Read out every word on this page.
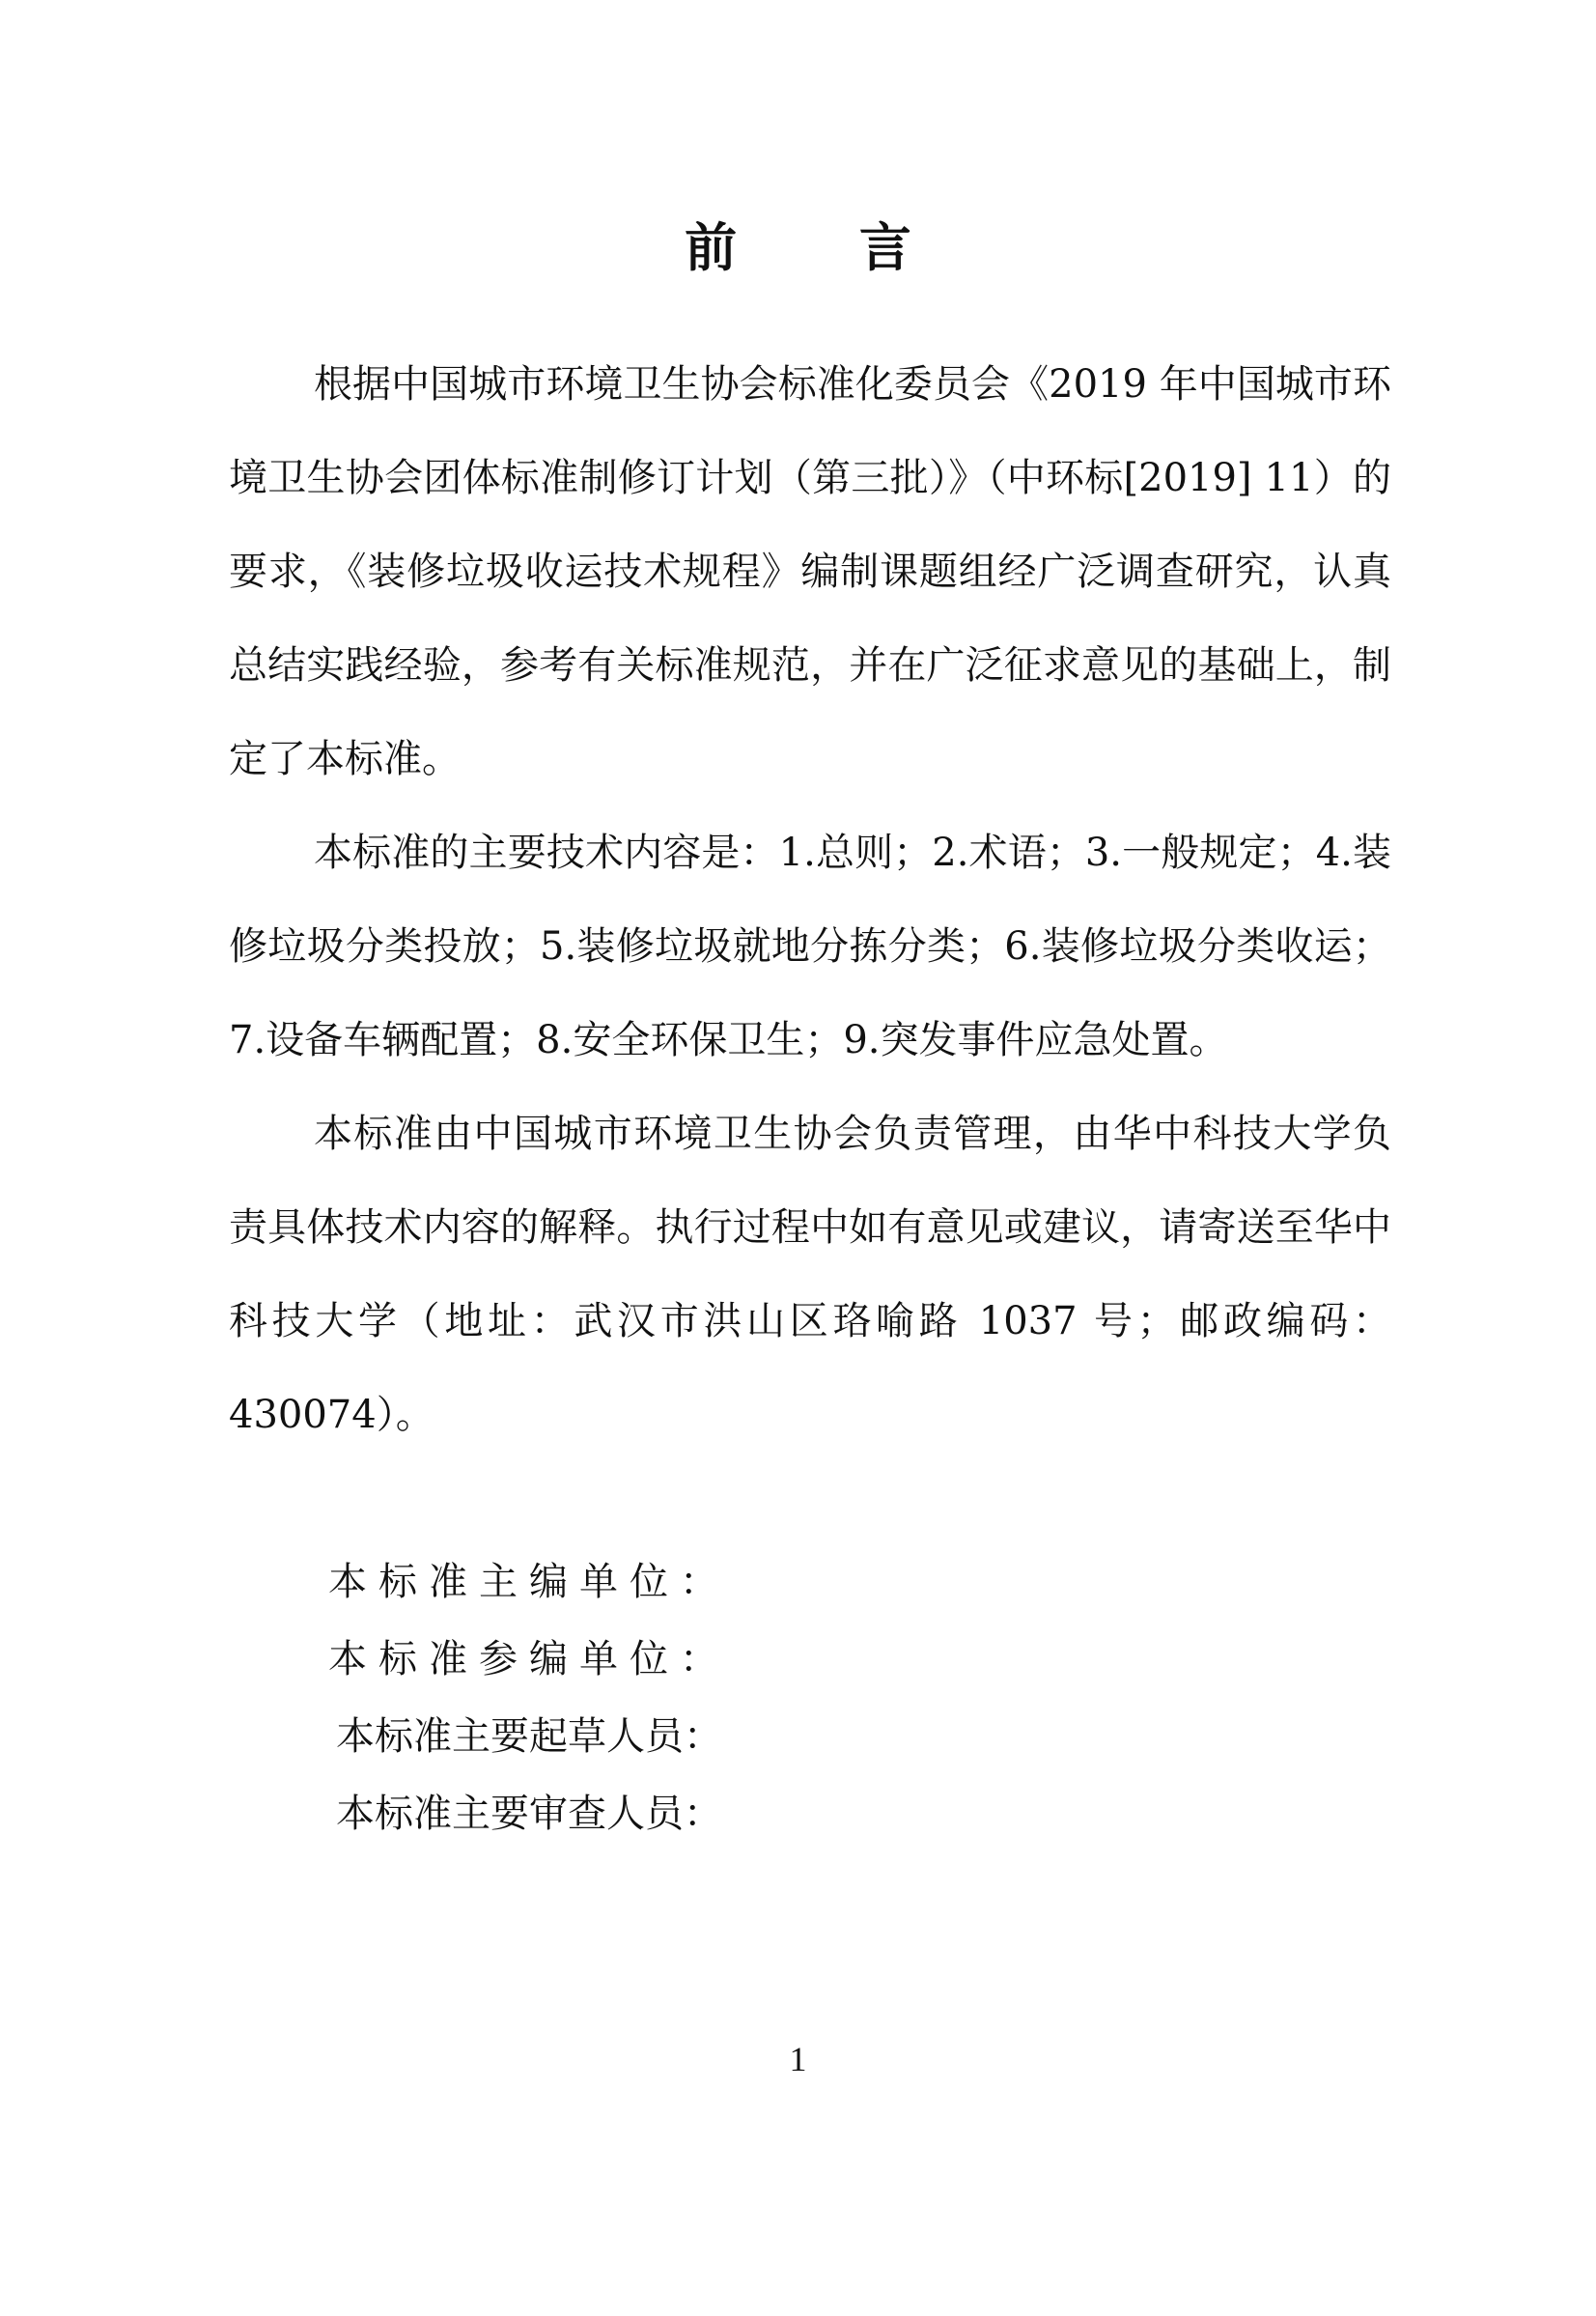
前 言

根据中国城市环境卫生协会标准化委员会《2019 年中国城市环境卫生协会团体标准制修订计划（第三批）》（中环标[2019] 11）的要求，《装修垃圾收运技术规程》编制课题组经广泛调查研究，认真总结实践经验，参考有关标准规范，并在广泛征求意见的基础上，制定了本标准。

本标准的主要技术内容是：1.总则；2.术语；3.一般规定；4.装修垃圾分类投放；5.装修垃圾就地分拣分类；6.装修垃圾分类收运；7.设备车辆配置；8.安全环保卫生；9.突发事件应急处置。

本标准由中国城市环境卫生协会负责管理，由华中科技大学负责具体技术内容的解释。执行过程中如有意见或建议，请寄送至华中科技大学（地址：武汉市洪山区珞喻路 1037 号；邮政编码：430074）。

本标准主编单位：
本标准参编单位：
本标准主要起草人员：
本标准主要审查人员：
1
